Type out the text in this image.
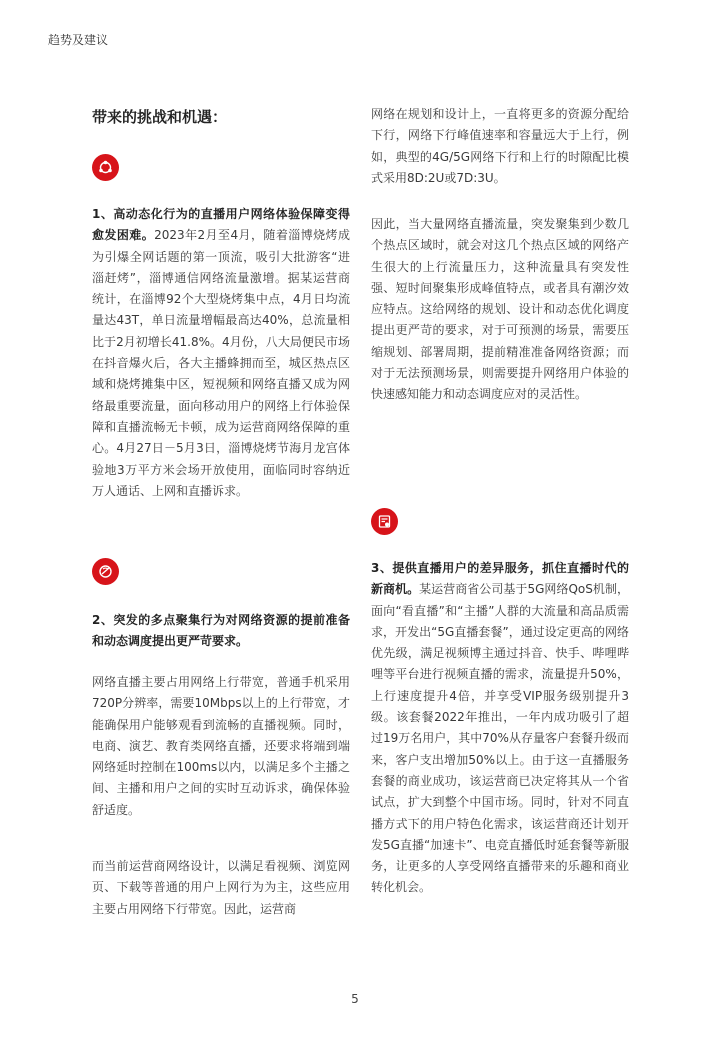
趋势及建议
带来的挑战和机遇：
1、高动态化行为的直播用户网络体验保障变得愈发困难。2023年2月至4月，随着淄博烧烤成为引爆全网话题的第一顶流，吸引大批游客“进淄赶烤”，淄博通信网络流量激增。据某运营商统计，在淄博92个大型烧烤集中点，4月日均流量达43T，单日流量增幅最高达40%，总流量相比于2月初增长41.8%。4月份，八大局便民市场在抖音爆火后，各大主播蜂拥而至，城区热点区域和烧烤摊集中区，短视频和网络直播又成为网络最重要流量，面向移动用户的网络上行体验保障和直播流畅无卡顿，成为运营商网络保障的重心。4月27日－5月3日，淄博烧烤节海月龙宫体验地3万平方米会场开放使用，面临同时容纳近万人通话、上网和直播诉求。
2、突发的多点聚集行为对网络资源的提前准备和动态调度提出更严苛要求。
网络直播主要占用网络上行带宽，普通手机采用720P分辨率，需要10Mbps以上的上行带宽，才能确保用户能够观看到流畅的直播视频。同时，电商、演艺、教育类网络直播，还要求将端到端网络延时控制在100ms以内，以满足多个主播之间、主播和用户之间的实时互动诉求，确保体验舒适度。
而当前运营商网络设计，以满足看视频、浏览网页、下载等普通的用户上网行为为主，这些应用主要占用网络下行带宽。因此，运营商
网络在规划和设计上，一直将更多的资源分配给下行，网络下行峰值速率和容量远大于上行，例如，典型的4G/5G网络下行和上行的时隙配比模式采用8D:2U或7D:3U。
因此，当大量网络直播流量，突发聚集到少数几个热点区域时，就会对这几个热点区域的网络产生很大的上行流量压力，这种流量具有突发性强、短时间聚集形成峰值特点，或者具有潮汐效应特点。这给网络的规划、设计和动态优化调度提出更严苛的要求，对于可预测的场景，需要压缩规划、部署周期，提前精准准备网络资源；而对于无法预测场景，则需要提升网络用户体验的快速感知能力和动态调度应对的灵活性。
3、提供直播用户的差异服务，抓住直播时代的新商机。某运营商省公司基于5G网络QoS机制，面向“看直播”和“主播”人群的大流量和高品质需求，开发出“5G直播套餐”，通过设定更高的网络优先级，满足视频博主通过抖音、快手、哔哩哔哩等平台进行视频直播的需求，流量提升50%，上行速度提升4倍，并享受VIP服务级别提升3级。该套餐2022年推出，一年内成功吸引了超过19万名用户，其中70%从存量客户套餐升级而来，客户支出增加50%以上。由于这一直播服务套餐的商业成功，该运营商已决定将其从一个省试点，扩大到整个中国市场。同时，针对不同直播方式下的用户特色化需求，该运营商还计划开发5G直播“加速卡”、电竞直播低时延套餐等新服务，让更多的人享受网络直播带来的乐趣和商业转化机会。
5
